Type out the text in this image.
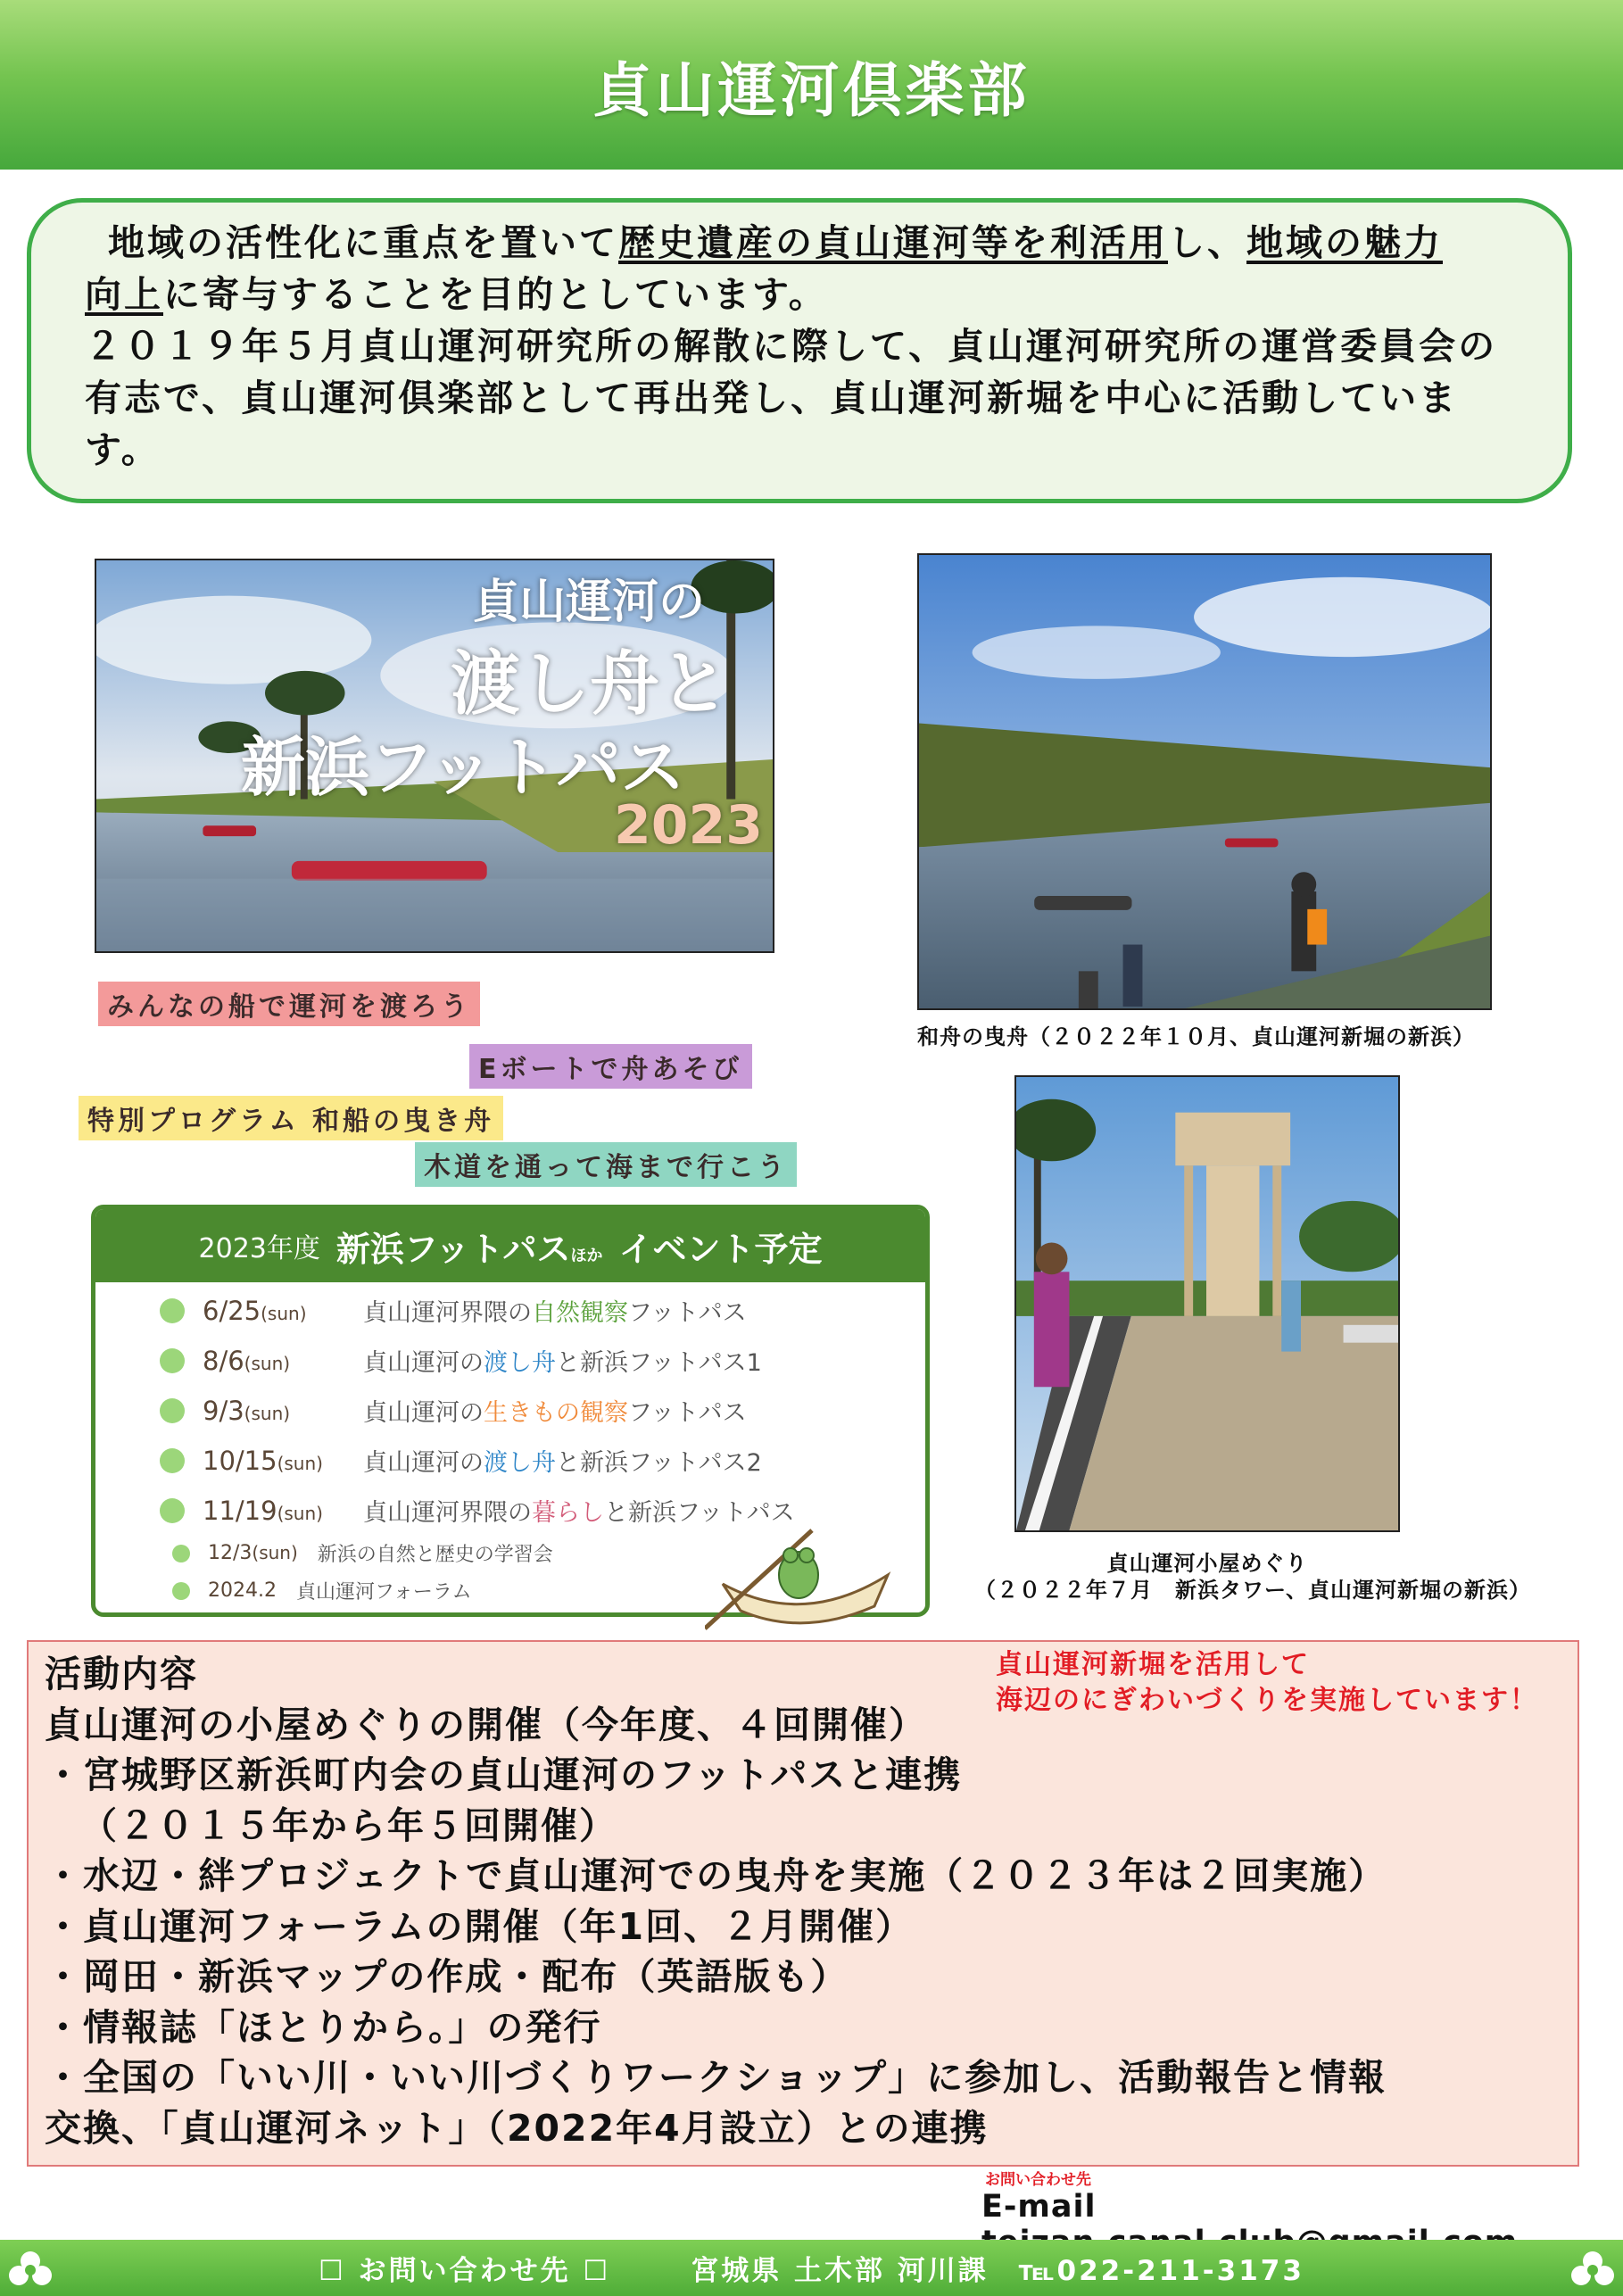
貞山運河倶楽部

地域の活性化に重点を置いて歴史遺産の貞山運河等を利活用し、地域の魅力

向上に寄与することを目的としています。

２０１９年５月貞山運河研究所の解散に際して、貞山運河研究所の運営委員会の

有志で、貞山運河倶楽部として再出発し、貞山運河新堀を中心に活動していま

す。

貞山運河の
渡し舟と
新浜フットパス
2023
和舟の曳舟（２０２２年１０月、貞山運河新堀の新浜）
みんなの船で運河を渡ろう
Eボートで舟あそび
特別プログラム 和船の曳き舟
木道を通って海まで行こう
貞山運河小屋めぐり
（２０２２年７月　新浜タワー、貞山運河新堀の新浜）
2023年度 新浜フットパスほか イベント予定
6/25(sun)	貞山運河界隈の自然観察フットパス
8/6(sun)	貞山運河の渡し舟と新浜フットパス1
9/3(sun)	貞山運河の生きもの観察フットパス
10/15(sun)	貞山運河の渡し舟と新浜フットパス2
11/19(sun)	貞山運河界隈の暮らしと新浜フットパス
12/3(sun) 新浜の自然と歴史の学習会
2024.2 貞山運河フォーラム

活動内容

貞山運河の小屋めぐりの開催（今年度、４回開催）

・宮城野区新浜町内会の貞山運河のフットパスと連携

（２０１５年から年５回開催）

・水辺・絆プロジェクトで貞山運河での曳舟を実施（２０２３年は２回実施）

・貞山運河フォーラムの開催（年1回、２月開催）

・岡田・新浜マップの作成・配布（英語版も）

・情報誌「ほとりから。」の発行

・全国の「いい川・いい川づくりワークショップ」に参加し、活動報告と情報

交換、「貞山運河ネット」（2022年4月設立）との連携

貞山運河新堀を活用して
海辺のにぎわいづくりを実施しています！
お問い合わせ先
E-mail
☐ お問い合わせ先 ☐	宮城県 土木部 河川課　℡022-211-3173
